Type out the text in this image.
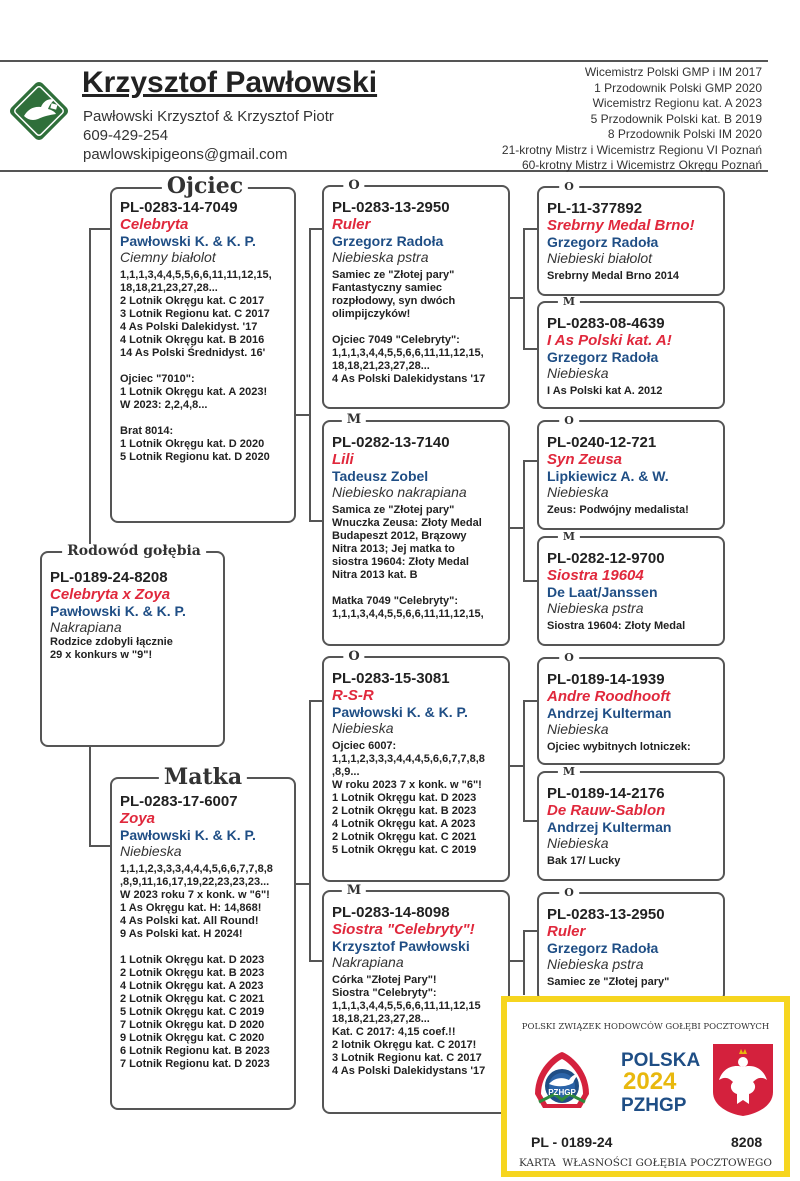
Krzysztof Pawłowski
Pawłowski Krzysztof & Krzysztof Piotr
609-429-254
pawlowskipigeons@gmail.com
Wicemistrz Polski GMP i IM 2017
1 Przodownik Polski GMP 2020
Wicemistrz Regionu kat. A 2023
5 Przodownik Polski kat. B 2019
8 Przodownik Polski IM 2020
21-krotny Mistrz i Wicemistrz Regionu VI Poznań
60-krotny Mistrz i Wicemistrz Okręgu Poznań
PL-0189-24-8208
Celebryta x Zoya
Pawłowski K. & K. P.
Nakrapiana
Rodzice zdobyli łącznie
29 x konkurs w "9"!
Rodowód gołębia
PL-0283-14-7049
Celebryta
Pawłowski K. & K. P.
Ciemny białolot
1,1,1,3,4,4,5,5,6,6,11,11,12,15,
18,18,21,23,27,28...
2 Lotnik Okręgu kat. C 2017
3 Lotnik Regionu kat. C 2017
4 As Polski Dalekidyst. '17
4 Lotnik Okręgu kat. B 2016
14 As Polski Średnidyst. 16'

Ojciec "7010":
1 Lotnik Okręgu kat. A 2023!
W 2023: 2,2,4,8...

Brat 8014:
1 Lotnik Okręgu kat. D 2020
5 Lotnik Regionu kat. D 2020
Ojciec
PL-0283-17-6007
Zoya
Pawłowski K. & K. P.
Niebieska
1,1,1,2,3,3,3,4,4,4,5,6,6,7,7,8,8
,8,9,11,16,17,19,22,23,23,23...
W 2023 roku 7 x konk. w "6"!
1 As Okręgu kat. H: 14,868!
4 As Polski kat. All Round!
9 As Polski kat. H 2024!

1 Lotnik Okręgu kat. D 2023
2 Lotnik Okręgu kat. B 2023
4 Lotnik Okręgu kat. A 2023
2 Lotnik Okręgu kat. C 2021
5 Lotnik Okręgu kat. C 2019
7 Lotnik Okręgu kat. D 2020
9 Lotnik Okręgu kat. C 2020
6 Lotnik Regionu kat. B 2023
7 Lotnik Regionu kat. D 2023
Matka
PL-0283-13-2950
Ruler
Grzegorz Radoła
Niebieska pstra
Samiec ze "Złotej pary"
Fantastyczny samiec
rozpłodowy, syn dwóch
olimpijczyków!

Ojciec 7049 "Celebryty":
1,1,1,3,4,4,5,5,6,6,11,11,12,15,
18,18,21,23,27,28...
4 As Polski Dalekidystans '17
O
PL-0282-13-7140
Lili
Tadeusz Zobel
Niebiesko nakrapiana
Samica ze "Złotej pary"
Wnuczka Zeusa: Złoty Medal
Budapeszt 2012, Brązowy
Nitra 2013; Jej matka to
siostra 19604: Złoty Medal
Nitra 2013 kat. B

Matka 7049 "Celebryty":
1,1,1,3,4,4,5,5,6,6,11,11,12,15,
M
PL-0283-15-3081
R-S-R
Pawłowski K. & K. P.
Niebieska
Ojciec 6007:
1,1,1,2,3,3,3,4,4,4,5,6,6,7,7,8,8
,8,9...
W roku 2023 7 x konk. w "6"!
1 Lotnik Okręgu kat. D 2023
2 Lotnik Okręgu kat. B 2023
4 Lotnik Okręgu kat. A 2023
2 Lotnik Okręgu kat. C 2021
5 Lotnik Okręgu kat. C 2019
O
PL-0283-14-8098
Siostra "Celebryty"!
Krzysztof Pawłowski
Nakrapiana
Córka "Złotej Pary"!
Siostra "Celebryty":
1,1,1,3,4,4,5,5,6,6,11,11,12,15
18,18,21,23,27,28...
Kat. C 2017: 4,15 coef.!!
2 lotnik Okręgu kat. C 2017!
3 Lotnik Regionu kat. C 2017
4 As Polski Dalekidystans '17
M
PL-11-377892
Srebrny Medal Brno!
Grzegorz Radoła
Niebieski białolot
Srebrny Medal Brno 2014
O
PL-0283-08-4639
I As Polski kat. A!
Grzegorz Radoła
Niebieska
I As Polski kat A. 2012
M
PL-0240-12-721
Syn Zeusa
Lipkiewicz A. & W.
Niebieska
Zeus: Podwójny medalista!
O
PL-0282-12-9700
Siostra 19604
De Laat/Janssen
Niebieska pstra
Siostra 19604: Złoty Medal
M
PL-0189-14-1939
Andre Roodhooft
Andrzej Kulterman
Niebieska
Ojciec wybitnych lotniczek:
O
PL-0189-14-2176
De Rauw-Sablon
Andrzej Kulterman
Niebieska
Bak 17/ Lucky
M
PL-0283-13-2950
Ruler
Grzegorz Radoła
Niebieska pstra
Samiec ze "Złotej pary"
O
POLSKI ZWIĄZEK HODOWCÓW GOŁĘBI POCZTOWYCH
PZHGP
POLSKA
2024
PZHGP
PL - 0189-24	8208
KARTA  WŁASNOŚCI GOŁĘBIA POCZTOWEGO
